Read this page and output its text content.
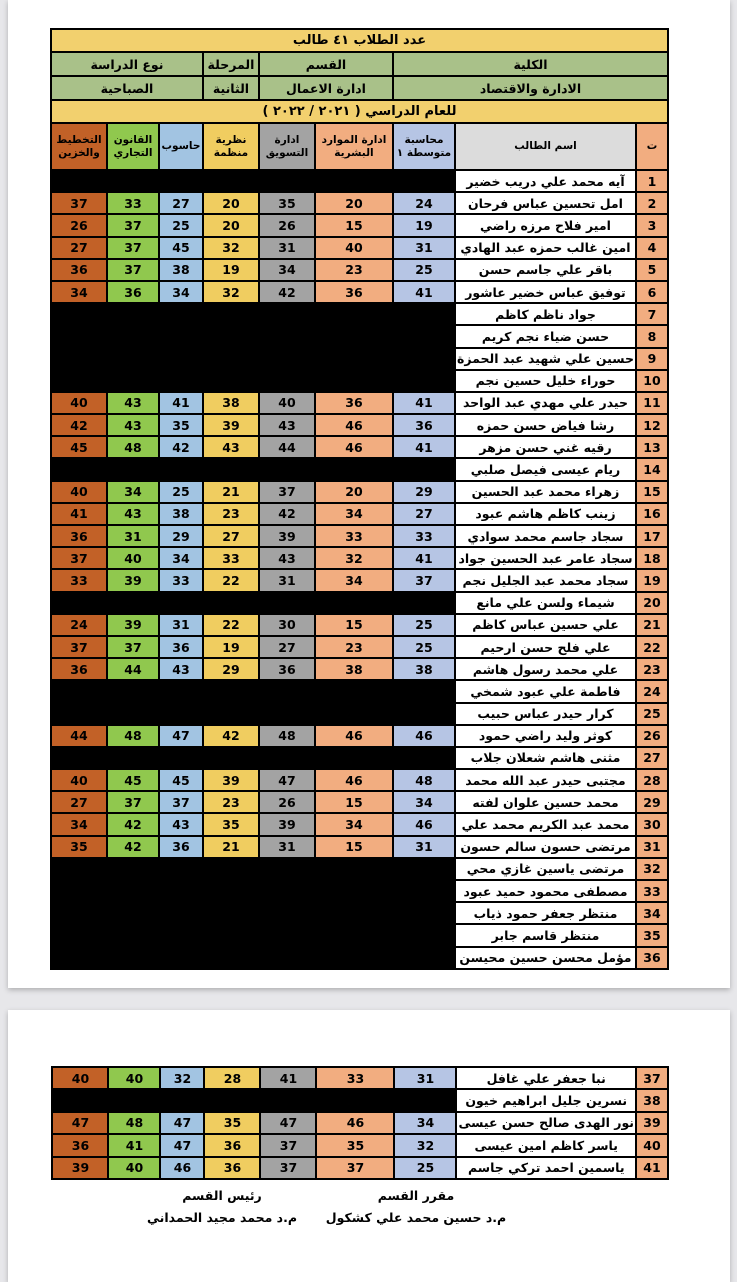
عدد الطلاب ٤١ طالب								
الكلية			القسم		المرحلة	نوع الدراسة		
الادارة والاقتصاد			ادارة الاعمال		الثانية	الصباحية		
للعام الدراسي ( ٢٠٢١ / ٢٠٢٢ )								
ت	اسم الطالب	محاسبة متوسطة ١	ادارة الموارد البشرية	ادارة التسويق	نظرية منظمة	حاسوب	القانون التجاري	التخطيط والخزين
1	آيه محمد علي دريب خضير							
2	امل تحسين عباس فرحان	24	20	35	20	27	33	37
3	امير فلاح مرزه راضي	19	15	26	20	25	37	26
4	امين غالب حمزه عبد الهادي	31	40	31	32	45	37	27
5	باقر علي جاسم حسن	25	23	34	19	38	37	36
6	توفيق عباس خضير عاشور	41	36	42	32	34	36	34
7	جواد ناظم كاظم							
8	حسن ضياء نجم كريم							
9	حسين علي شهيد عبد الحمزة							
10	حوراء خليل حسين نجم							
11	حيدر علي مهدي عبد الواحد	41	36	40	38	41	43	40
12	رشا فياض حسن حمزه	36	46	43	39	35	43	42
13	رقيه غني حسن مزهر	41	46	44	43	42	48	45
14	ريام عيسى فيصل صلبي							
15	زهراء محمد عبد الحسين	29	20	37	21	25	34	40
16	زينب كاظم هاشم عبود	27	34	42	23	38	43	41
17	سجاد جاسم محمد سوادي	33	33	39	27	29	31	36
18	سجاد عامر عبد الحسين جواد	41	32	43	33	34	40	37
19	سجاد محمد عبد الجليل نجم	37	34	31	22	33	39	33
20	شيماء ولسن علي مانع							
21	علي حسين عباس كاظم	25	15	30	22	31	39	24
22	علي فلح حسن ارحيم	25	23	27	19	36	37	37
23	علي محمد رسول هاشم	38	38	36	29	43	44	36
24	فاطمة علي عبود شمخي							
25	كرار حيدر عباس حبيب							
26	كوثر وليد راضي حمود	46	46	48	42	47	48	44
27	مثنى هاشم شعلان جلاب							
28	مجتبى حيدر عبد الله محمد	48	46	47	39	45	45	40
29	محمد حسين علوان لفته	34	15	26	23	37	37	27
30	محمد عبد الكريم محمد علي	46	34	39	35	43	42	34
31	مرتضى حسون سالم حسون	31	15	31	21	36	42	35
32	مرتضى ياسين غازي محي							
33	مصطفى محمود حميد عبود							
34	منتظر جعفر حمود ذياب							
35	منتظر قاسم جابر							
36	مؤمل محسن حسين محيسن							
37	نبا جعفر علي غافل	31	33	41	28	32	40	40
38	نسرين جليل ابراهيم خيون							
39	نور الهدى صالح حسن عيسى	34	46	47	35	47	48	47
40	ياسر كاظم امين عيسى	32	35	37	36	47	41	36
41	ياسمين احمد تركي جاسم	25	37	37	36	46	40	39
مقرر القسم
م.د حسين محمد علي كشكول
رئيس القسم
م.د محمد مجيد الحمداني
